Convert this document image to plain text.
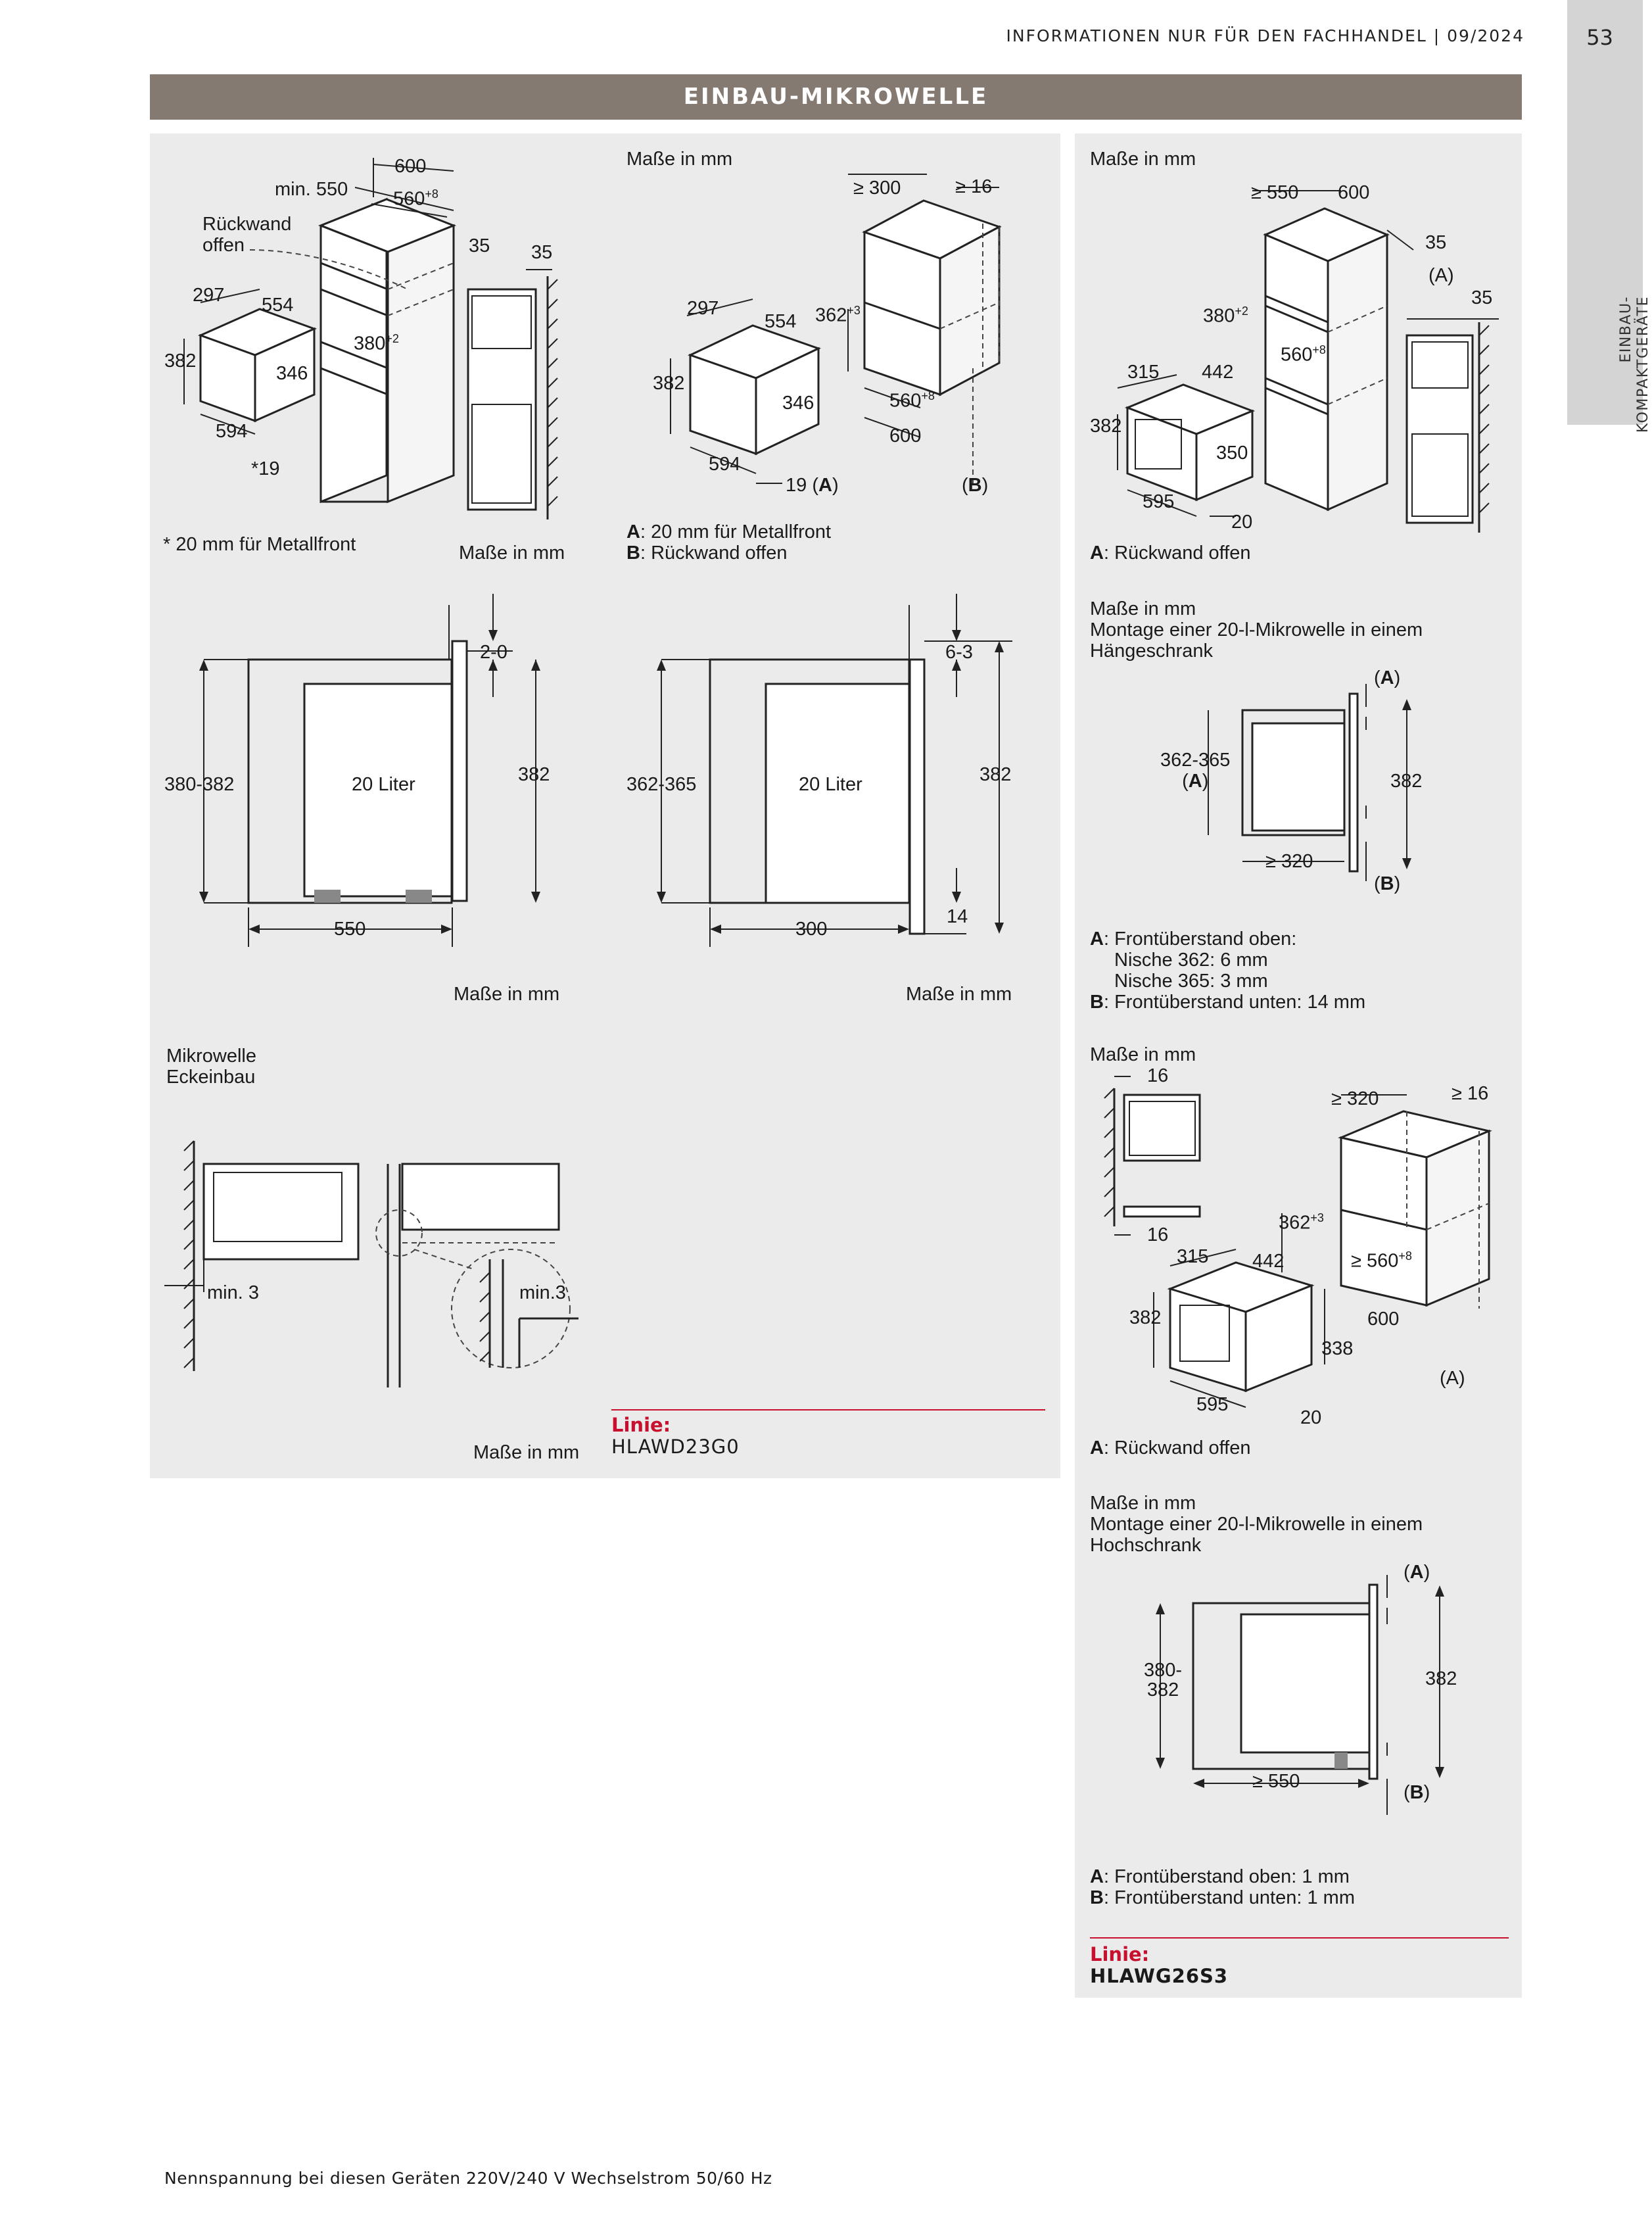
INFORMATIONEN NUR FÜR DEN FACHHANDEL | 09/2024	53
EINBAU- KOMPAKTGERÄTE
EINBAU-MIKROWELLE
600
min. 550 $560^{+8}$
Rückwand
offen	35 35
297 554
$380^{+2}$
382
346
594
*19
* 20 mm für Metallfront	Maße in mm
Maße in mm
≥ 300	≥ 16
297
554 $362^{+3}$
382
346	$560^{+8}$
600
594
19 (A)	(B)
A: 20 mm für Metallfront
B: Rückwand offen
2-0
380-382	20 Liter	382
550
Maße in mm
6-3
362-365	20 Liter	382
300
14
Maße in mm
Mikrowelle
Eckeinbau
min. 3	min.3
Maße in mm
Linie:
HLAWD23G0
Maße in mm
≥ 550 600
35
(A)
35
$380^{+2}$
$560^{+8}$
315 442
382
350
595
20
A: Rückwand offen
Maße in mm
Montage einer 20-l-Mikrowelle in einem
Hängeschrank
(A)
362-365
(A)	382
≥ 320
(B)
A: Frontüberstand oben:
Nische 362: 6 mm
Nische 365: 3 mm
B: Frontüberstand unten: 14 mm
Maße in mm
16
≥ 320	≥ 16
16
$362^{+3}$
315 442	≥ $560^{+8}$
382	600
338
(A)
595
20
A: Rückwand offen
Maße in mm
Montage einer 20-l-Mikrowelle in einem
Hochschrank
(A)
380-
382
382
≥ 550
(B)
A: Frontüberstand oben: 1 mm
B: Frontüberstand unten: 1 mm
Linie:
HLAWG26S3
Nennspannung bei diesen Geräten 220V/240 V Wechselstrom 50/60 Hz
